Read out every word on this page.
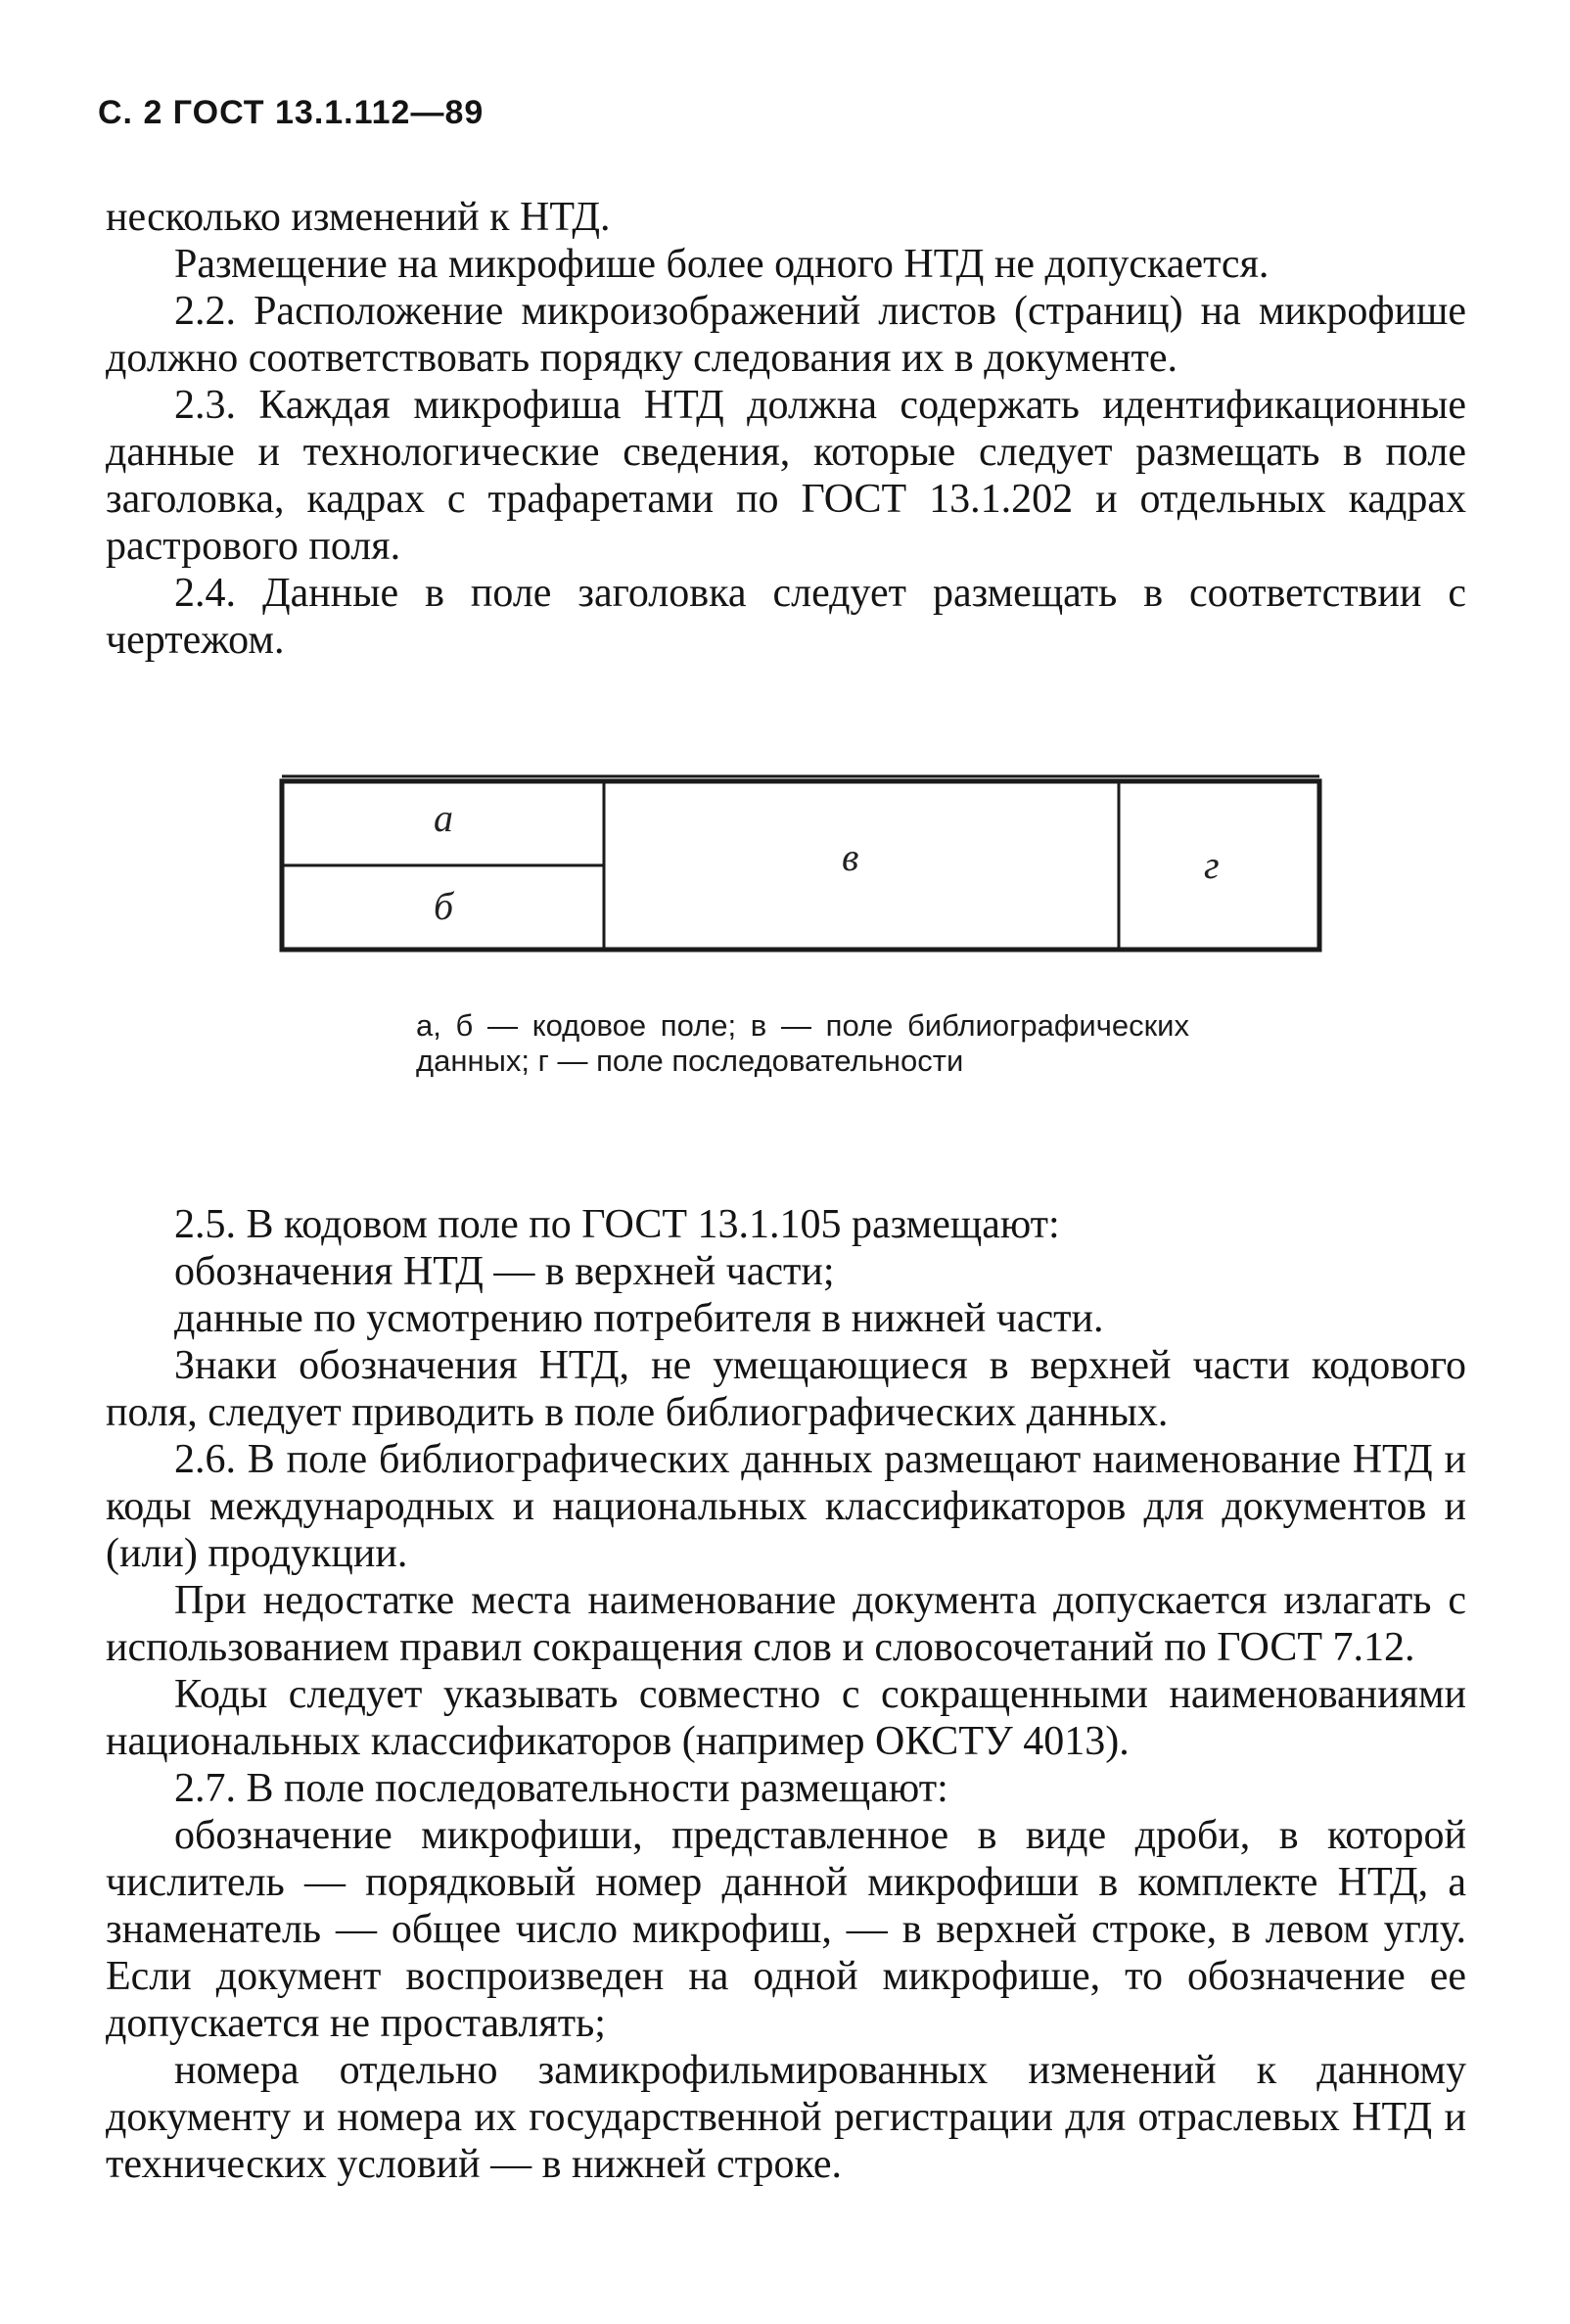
С. 2 ГОСТ 13.1.112—89

несколько изменений к НТД.

Размещение на микрофише более одного НТД не допускается.

2.2. Расположение микроизображений листов (страниц) на микрофише должно соответствовать порядку следования их в документе.

2.3. Каждая микрофиша НТД должна содержать идентификационные данные и технологические сведения, которые следует размещать в поле заголовка, кадрах с трафаретами по ГОСТ 13.1.202 и отдельных кадрах растрового поля.

2.4. Данные в поле заголовка следует размещать в соответствии с чертежом.

а
б
в	г
а, б — кодовое поле; в — поле библиографических данных; г — поле последовательности

2.5. В кодовом поле по ГОСТ 13.1.105 размещают:

обозначения НТД — в верхней части;

данные по усмотрению потребителя в нижней части.

Знаки обозначения НТД, не умещающиеся в верхней части кодового поля, следует приводить в поле библиографических данных.

2.6. В поле библиографических данных размещают наименование НТД и коды международных и национальных классификаторов для документов и (или) продукции.

При недостатке места наименование документа допускается излагать с использованием правил сокращения слов и словосочетаний по ГОСТ 7.12.

Коды следует указывать совместно с сокращенными наименованиями национальных классификаторов (например ОКСТУ 4013).

2.7. В поле последовательности размещают:

обозначение микрофиши, представленное в виде дроби, в которой числитель — порядковый номер данной микрофиши в комплекте НТД, а знаменатель — общее число микрофиш, — в верхней строке, в левом углу. Если документ воспроизведен на одной микрофише, то обозначение ее допускается не проставлять;

номера отдельно замикрофильмированных изменений к данному документу и номера их государственной регистрации для отраслевых НТД и технических условий — в нижней строке.
